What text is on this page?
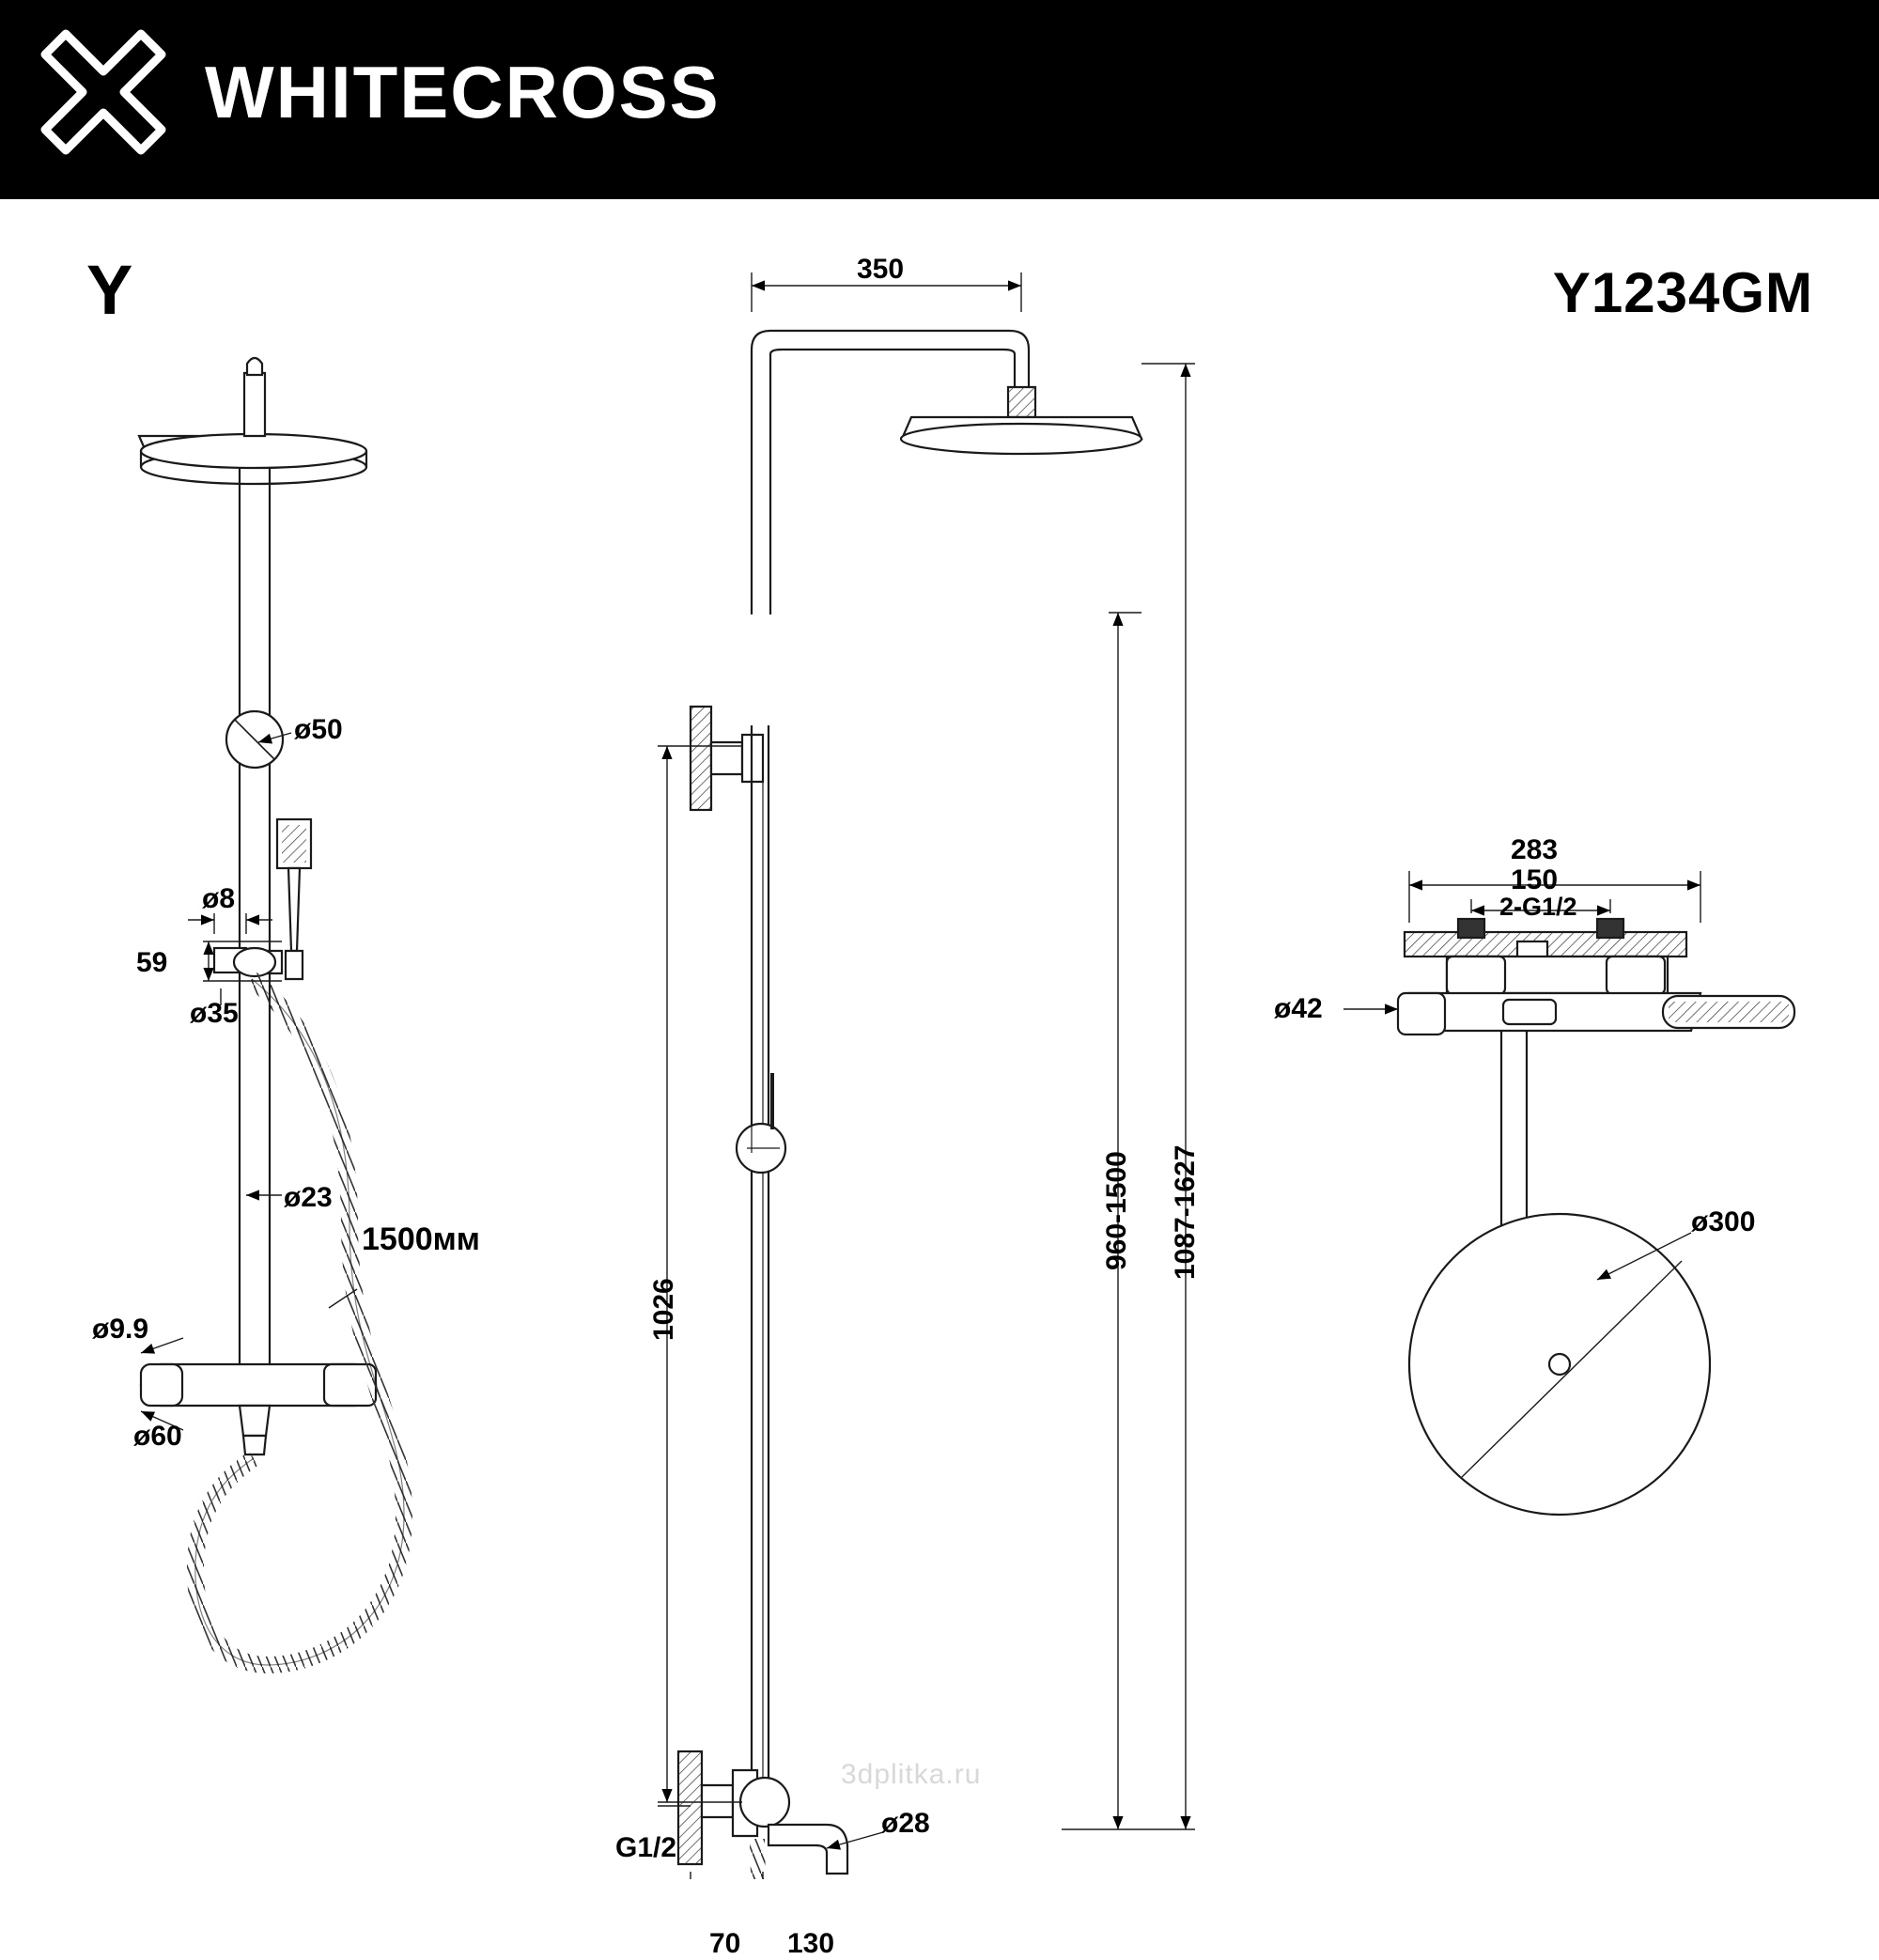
WHITECROSS
Y	Y1234GM
3dplitka.ru
ø50
ø8
59
ø35
1500мм
ø23
ø9.9
ø60
350
1026
960-1500 1087-1627
G1/2
70 130
ø28
283
150
2-G1/2
ø42
ø300
